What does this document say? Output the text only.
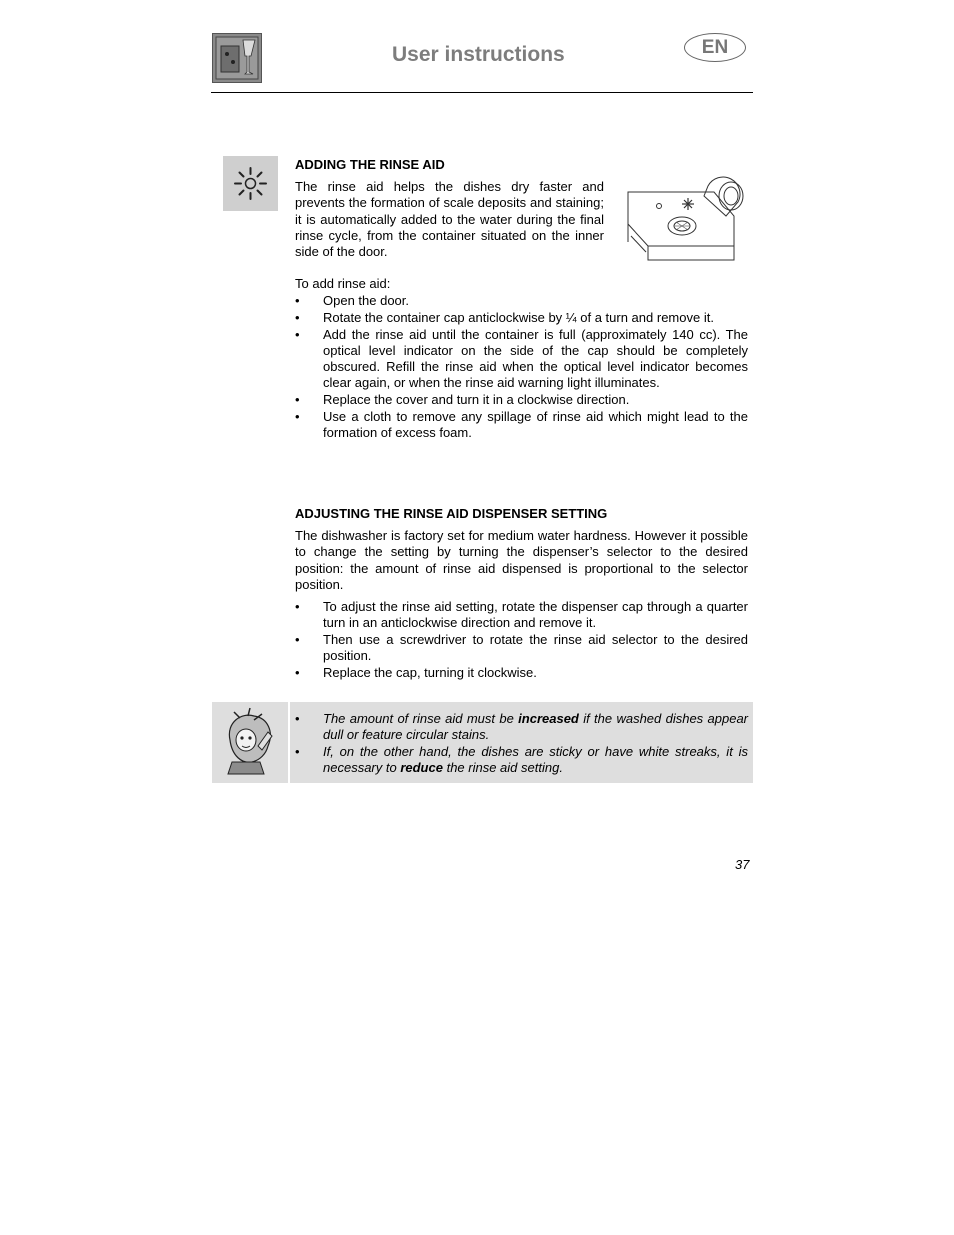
User instructions	EN
ADDING THE RINSE AID
The rinse aid helps the dishes dry faster and prevents the formation of scale deposits and staining; it is automatically added to the water during the final rinse cycle, from the container situated on the inner side of the door.
To add rinse aid:
• Open the door.
• Rotate the container cap anticlockwise by ¼ of a turn and remove it.
• Add the rinse aid until the container is full (approximately 140 cc). The optical level indicator on the side of the cap should be completely obscured. Refill the rinse aid when the optical level indicator becomes clear again, or when the rinse aid warning light illuminates.
• Replace the cover and turn it in a clockwise direction.
• Use a cloth to remove any spillage of rinse aid which might lead to the formation of excess foam.
ADJUSTING THE RINSE AID DISPENSER SETTING
The dishwasher is factory set for medium water hardness. However it possible to change the setting by turning the dispenser’s selector to the desired position: the amount of rinse aid dispensed is proportional to the selector position.
• To adjust the rinse aid setting, rotate the dispenser cap through a quarter turn in an anticlockwise direction and remove it.
• Then use a screwdriver to rotate the rinse aid selector to the desired position.
• Replace the cap, turning it clockwise.
• The amount of rinse aid must be increased if the washed dishes appear dull or feature circular stains.
• If, on the other hand, the dishes are sticky or have white streaks, it is necessary to reduce the rinse aid setting.
37
